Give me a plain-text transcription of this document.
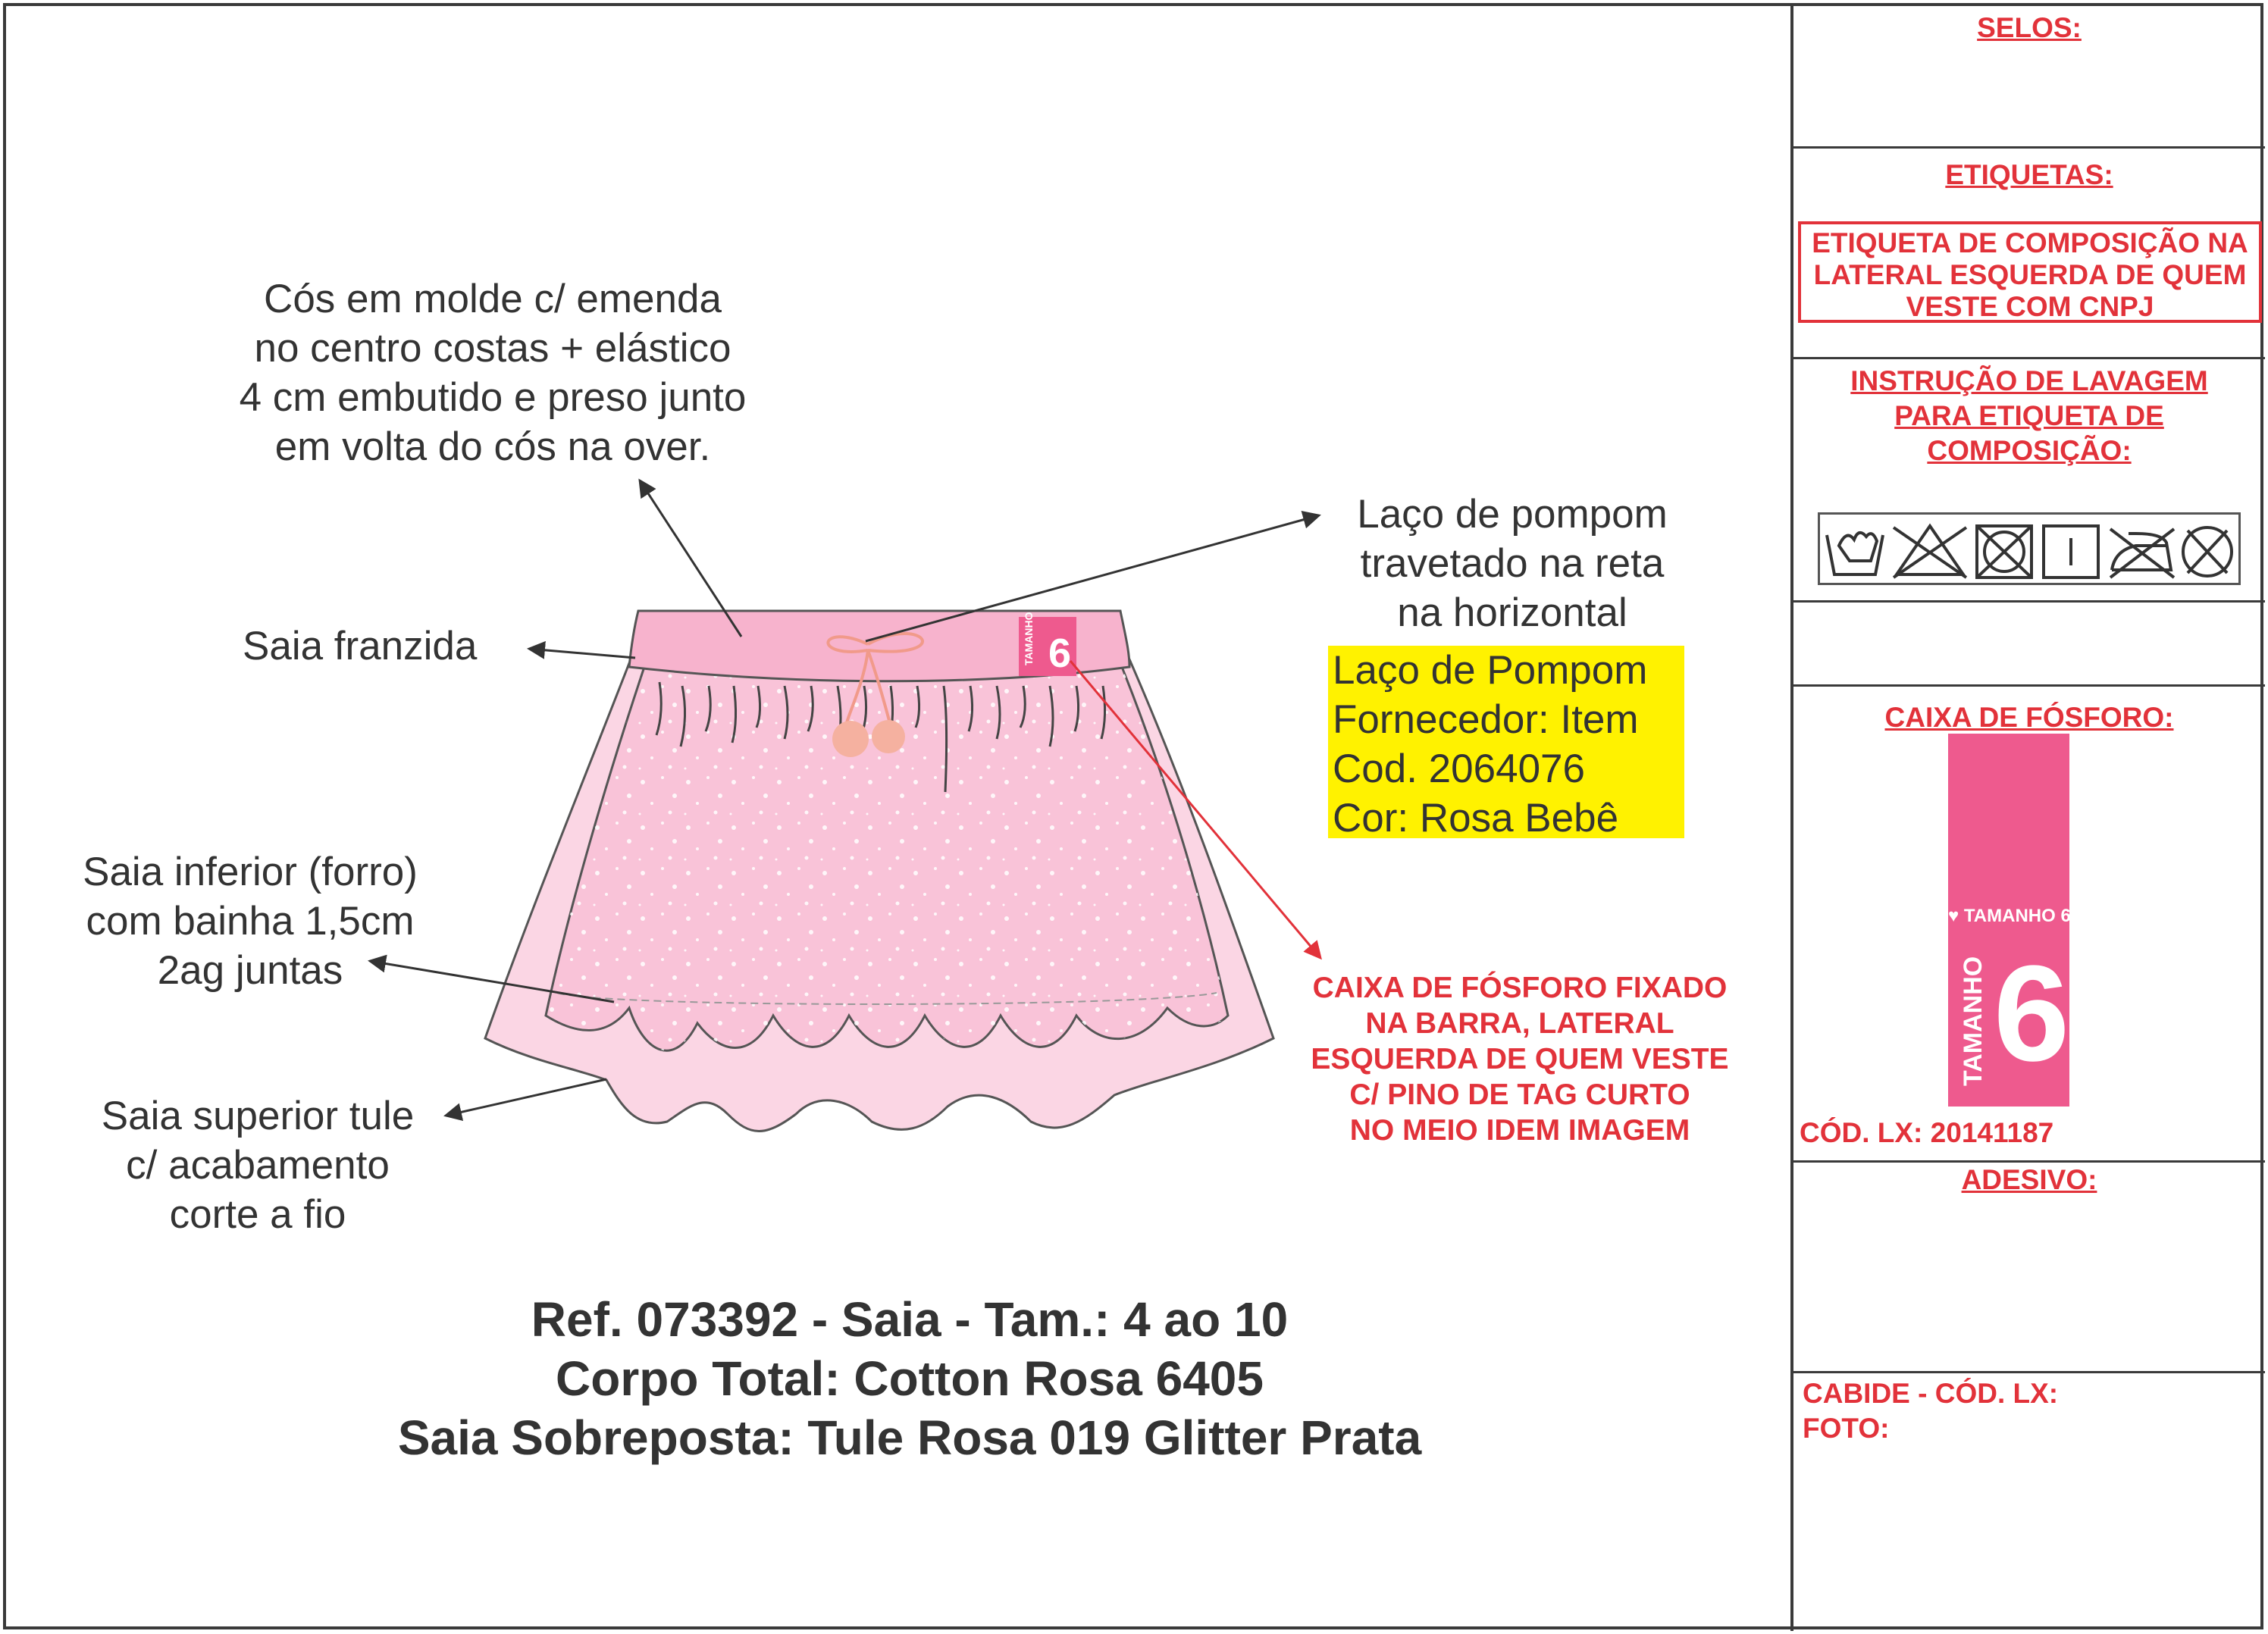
6
TAMANHO
Cós em molde c/ emenda
no centro costas + elástico
4 cm embutido e preso junto
em volta do cós na over.
Saia franzida
Saia inferior (forro)
com bainha 1,5cm
2ag juntas
Saia superior tule
c/ acabamento
corte a fio
Laço de pompom
travetado na reta
na horizontal
Laço de Pompom
Fornecedor: Item
Cod. 2064076
Cor: Rosa Bebê
CAIXA DE FÓSFORO FIXADO
NA BARRA, LATERAL
ESQUERDA DE QUEM VESTE
C/ PINO DE TAG CURTO
NO MEIO IDEM IMAGEM
Ref. 073392 - Saia - Tam.: 4 ao 10
Corpo Total: Cotton Rosa 6405
Saia Sobreposta: Tule Rosa 019 Glitter Prata
SELOS:
ETIQUETAS:
ETIQUETA DE COMPOSIÇÃO NA
LATERAL ESQUERDA DE QUEM
VESTE COM CNPJ
INSTRUÇÃO DE LAVAGEM
PARA ETIQUETA DE
COMPOSIÇÃO:
CAIXA DE FÓSFORO:
CÓD. LX: 20141187
ADESIVO:
CABIDE - CÓD. LX:
FOTO:
♥ TAMANHO 6 ♥
TAMANHO 6
